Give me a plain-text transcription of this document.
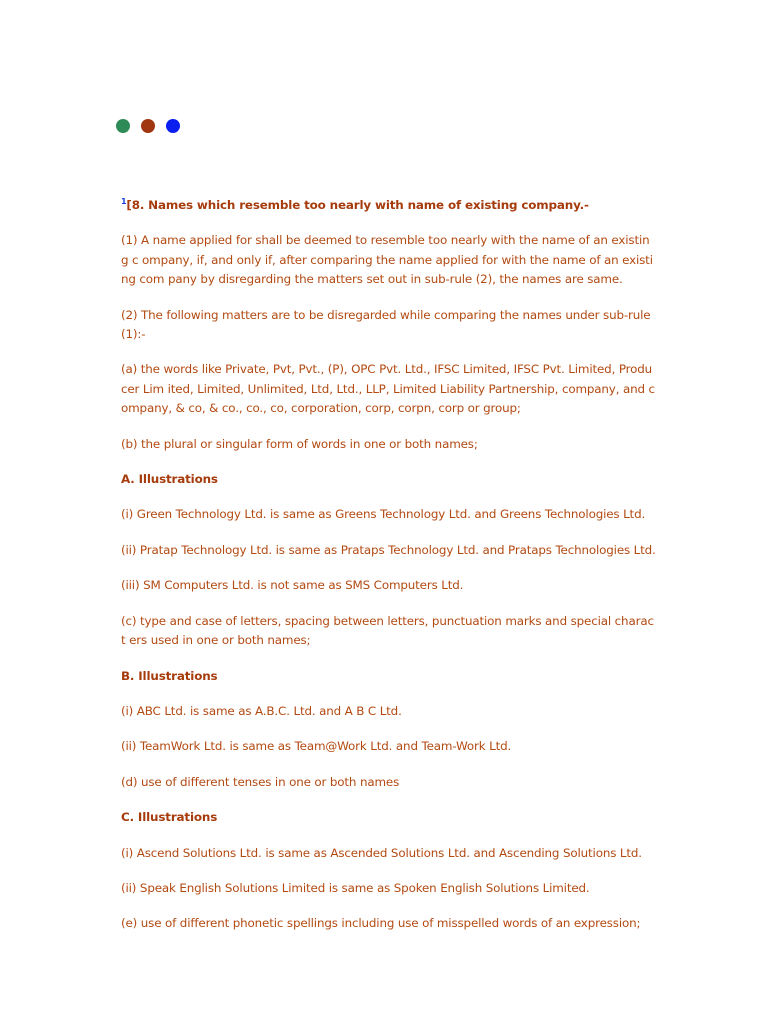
$^1$[8. Names which resemble too nearly with name of existing company.-

(1) A name applied for shall be deemed to resemble too nearly with the name of an existing c ompany, if, and only if, after comparing the name applied for with the name of an existing com pany by disregarding the matters set out in sub-rule (2), the names are same.

(2) The following matters are to be disregarded while comparing the names under sub-rule (1):-

(a) the words like Private, Pvt, Pvt., (P), OPC Pvt. Ltd., IFSC Limited, IFSC Pvt. Limited, Producer Lim ited, Limited, Unlimited, Ltd, Ltd., LLP, Limited Liability Partnership, company, and company, & co, & co., co., co, corporation, corp, corpn, corp or group;

(b) the plural or singular form of words in one or both names;

A. Illustrations

(i) Green Technology Ltd. is same as Greens Technology Ltd. and Greens Technologies Ltd.

(ii) Pratap Technology Ltd. is same as Prataps Technology Ltd. and Prataps Technologies Ltd.

(iii) SM Computers Ltd. is not same as SMS Computers Ltd.

(c) type and case of letters, spacing between letters, punctuation marks and special charact ers used in one or both names;

B. Illustrations

(i) ABC Ltd. is same as A.B.C. Ltd. and A B C Ltd.

(ii) TeamWork Ltd. is same as Team@Work Ltd. and Team-Work Ltd.

(d) use of different tenses in one or both names

C. Illustrations

(i) Ascend Solutions Ltd. is same as Ascended Solutions Ltd. and Ascending Solutions Ltd.

(ii) Speak English Solutions Limited is same as Spoken English Solutions Limited.

(e) use of different phonetic spellings including use of misspelled words of an expression;
